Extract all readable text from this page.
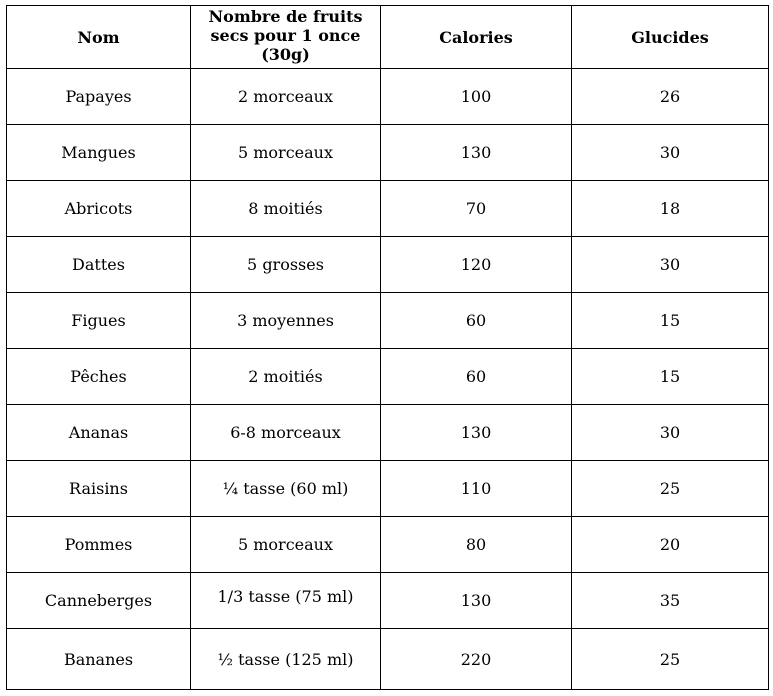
Nom	Nombre de fruits secs pour 1 once (30g)	Calories	Glucides
Papayes	2 morceaux	100	26
Mangues	5 morceaux	130	30
Abricots	8 moitiés	70	18
Dattes	5 grosses	120	30
Figues	3 moyennes	60	15
Pêches	2 moitiés	60	15
Ananas	6-8 morceaux	130	30
Raisins	¼ tasse (60 ml)	110	25
Pommes	5 morceaux	80	20
Canneberges	1/3 tasse (75 ml)	130	35
Bananes	½ tasse (125 ml)	220	25
